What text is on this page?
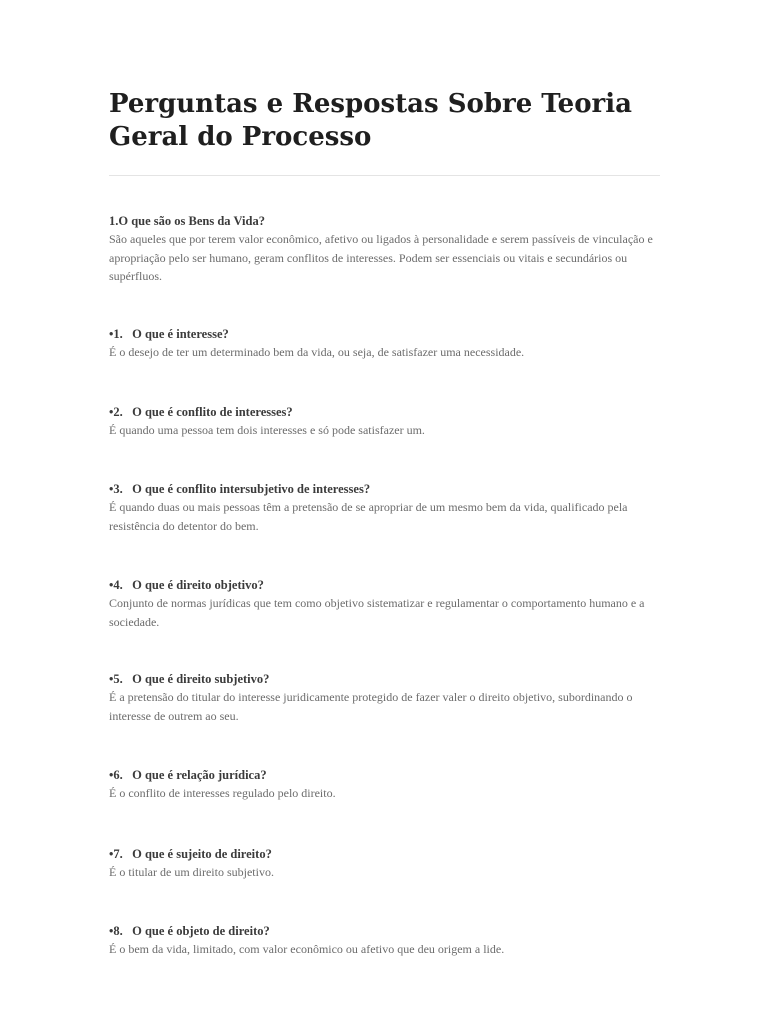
Perguntas e Respostas Sobre Teoria Geral do Processo

1.O que são os Bens da Vida?

São aqueles que por terem valor econômico, afetivo ou ligados à personalidade e serem passíveis de vinculação e apropriação pelo ser humano, geram conflitos de interesses. Podem ser essenciais ou vitais e secundários ou supérfluos.

•1.   O que é interesse?

É o desejo de ter um determinado bem da vida, ou seja, de satisfazer uma necessidade.

•2.   O que é conflito de interesses?

É quando uma pessoa tem dois interesses e só pode satisfazer um.

•3.   O que é conflito intersubjetivo de interesses?

É quando duas ou mais pessoas têm a pretensão de se apropriar de um mesmo bem da vida, qualificado pela resistência do detentor do bem.

•4.   O que é direito objetivo?

Conjunto de normas jurídicas que tem como objetivo sistematizar e regulamentar o comportamento humano e a sociedade.

•5.   O que é direito subjetivo?

É a pretensão do titular do interesse juridicamente protegido de fazer valer o direito objetivo, subordinando o interesse de outrem ao seu.

•6.   O que é relação jurídica?

É o conflito de interesses regulado pelo direito.

•7.   O que é sujeito de direito?

É o titular de um direito subjetivo.

•8.   O que é objeto de direito?

É o bem da vida, limitado, com valor econômico ou afetivo que deu origem a lide.
